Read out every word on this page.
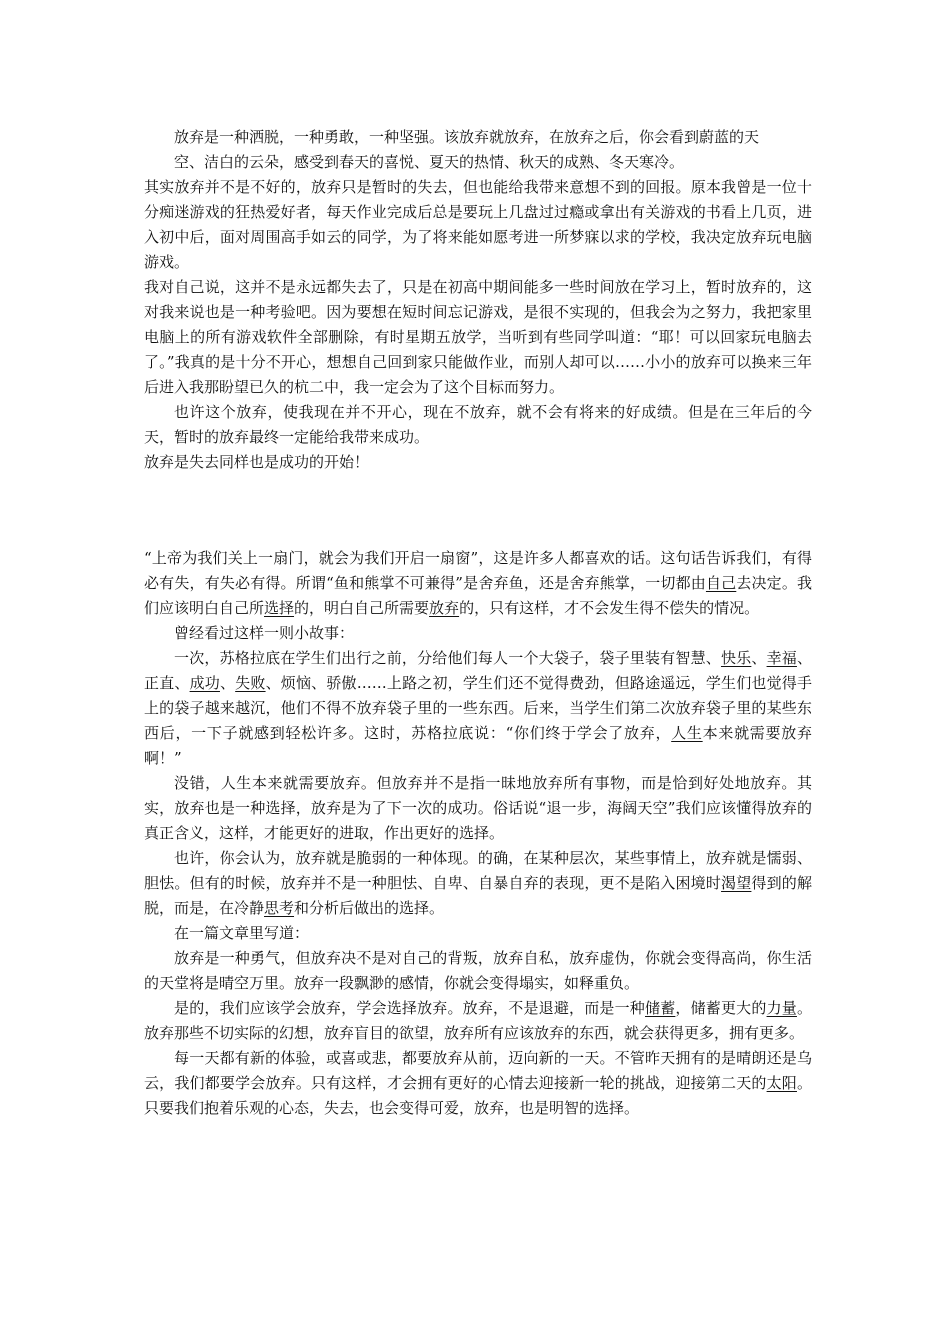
放弃是一种洒脱，一种勇敢，一种坚强。该放弃就放弃，在放弃之后，你会看到蔚蓝的天

空、洁白的云朵，感受到春天的喜悦、夏天的热情、秋天的成熟、冬天寒冷。

其实放弃并不是不好的，放弃只是暂时的失去，但也能给我带来意想不到的回报。原本我曾是一位十分痴迷游戏的狂热爱好者，每天作业完成后总是要玩上几盘过过瘾或拿出有关游戏的书看上几页，进入初中后，面对周围高手如云的同学，为了将来能如愿考进一所梦寐以求的学校，我决定放弃玩电脑游戏。

我对自己说，这并不是永远都失去了，只是在初高中期间能多一些时间放在学习上，暂时放弃的，这对我来说也是一种考验吧。因为要想在短时间忘记游戏，是很不实现的，但我会为之努力，我把家里电脑上的所有游戏软件全部删除，有时星期五放学，当听到有些同学叫道：“耶！可以回家玩电脑去了。”我真的是十分不开心，想想自己回到家只能做作业，而别人却可以……小小的放弃可以换来三年后进入我那盼望已久的杭二中，我一定会为了这个目标而努力。

也许这个放弃，使我现在并不开心，现在不放弃，就不会有将来的好成绩。但是在三年后的今天，暂时的放弃最终一定能给我带来成功。

放弃是失去同样也是成功的开始！

“上帝为我们关上一扇门，就会为我们开启一扇窗”，这是许多人都喜欢的话。这句话告诉我们，有得必有失，有失必有得。所谓“鱼和熊掌不可兼得”是舍弃鱼，还是舍弃熊掌，一切都由自己去决定。我们应该明白自己所选择的，明白自己所需要放弃的，只有这样，才不会发生得不偿失的情况。

曾经看过这样一则小故事：

一次，苏格拉底在学生们出行之前，分给他们每人一个大袋子，袋子里装有智慧、快乐、幸福、正直、成功、失败、烦恼、骄傲……上路之初，学生们还不觉得费劲，但路途遥远，学生们也觉得手上的袋子越来越沉，他们不得不放弃袋子里的一些东西。后来，当学生们第二次放弃袋子里的某些东西后，一下子就感到轻松许多。这时，苏格拉底说：“你们终于学会了放弃，人生本来就需要放弃啊！”

没错，人生本来就需要放弃。但放弃并不是指一昧地放弃所有事物，而是恰到好处地放弃。其实，放弃也是一种选择，放弃是为了下一次的成功。俗话说“退一步，海阔天空”我们应该懂得放弃的真正含义，这样，才能更好的进取，作出更好的选择。

也许，你会认为，放弃就是脆弱的一种体现。的确，在某种层次，某些事情上，放弃就是懦弱、胆怯。但有的时候，放弃并不是一种胆怯、自卑、自暴自弃的表现，更不是陷入困境时渴望得到的解脱，而是，在冷静思考和分析后做出的选择。

在一篇文章里写道：

放弃是一种勇气，但放弃决不是对自己的背叛，放弃自私，放弃虚伪，你就会变得高尚，你生活的天堂将是晴空万里。放弃一段飘渺的感情，你就会变得塌实，如释重负。

是的，我们应该学会放弃，学会选择放弃。放弃，不是退避，而是一种储蓄，储蓄更大的力量。放弃那些不切实际的幻想，放弃盲目的欲望，放弃所有应该放弃的东西，就会获得更多，拥有更多。

每一天都有新的体验，或喜或悲，都要放弃从前，迈向新的一天。不管昨天拥有的是晴朗还是乌云，我们都要学会放弃。只有这样，才会拥有更好的心情去迎接新一轮的挑战，迎接第二天的太阳。只要我们抱着乐观的心态，失去，也会变得可爱，放弃，也是明智的选择。
